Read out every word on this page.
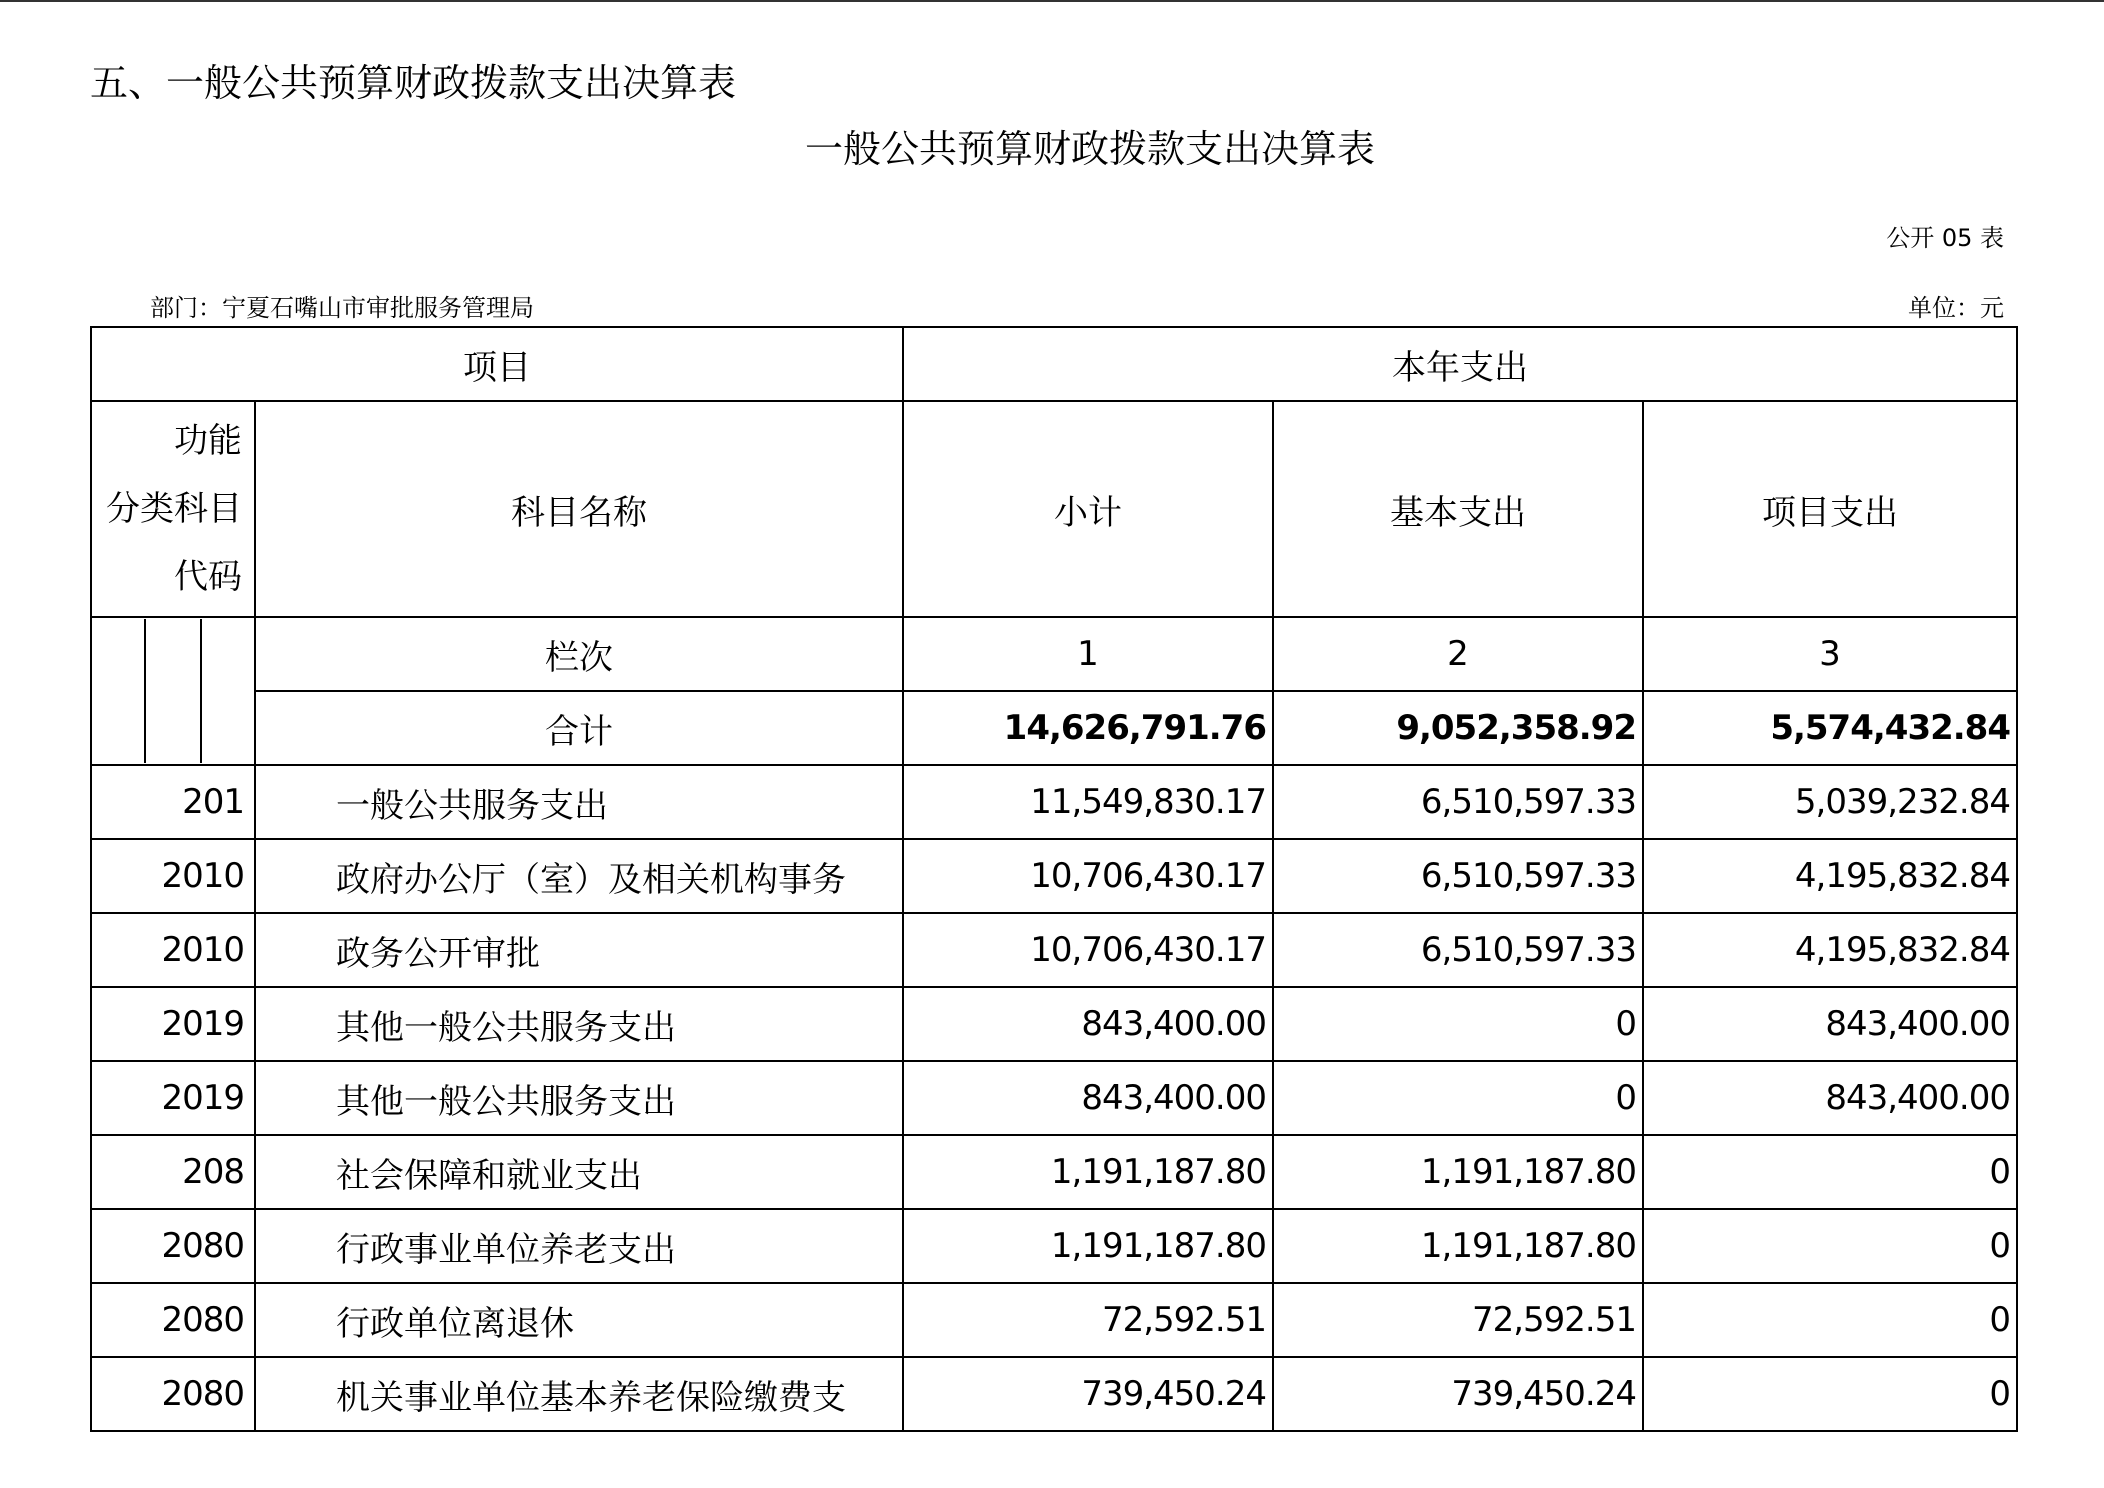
五、一般公共预算财政拨款支出决算表
一般公共预算财政拨款支出决算表
公开 05 表
部门：宁夏石嘴山市审批服务管理局	单位：元
项目		本年支出		

功能
分类科目
代码	科目名称	小计	基本支出	项目支出

	栏次	1	2	3
	合计	14,626,791.76	9,052,358.92	5,574,432.84
201	一般公共服务支出	11,549,830.17	6,510,597.33	5,039,232.84
2010	政府办公厅（室）及相关机构事务	10,706,430.17	6,510,597.33	4,195,832.84
2010	政务公开审批	10,706,430.17	6,510,597.33	4,195,832.84
2019	其他一般公共服务支出	843,400.00	0	843,400.00
2019	其他一般公共服务支出	843,400.00	0	843,400.00
208	社会保障和就业支出	1,191,187.80	1,191,187.80	0
2080	行政事业单位养老支出	1,191,187.80	1,191,187.80	0
2080	行政单位离退休	72,592.51	72,592.51	0
2080	机关事业单位基本养老保险缴费支	739,450.24	739,450.24	0
